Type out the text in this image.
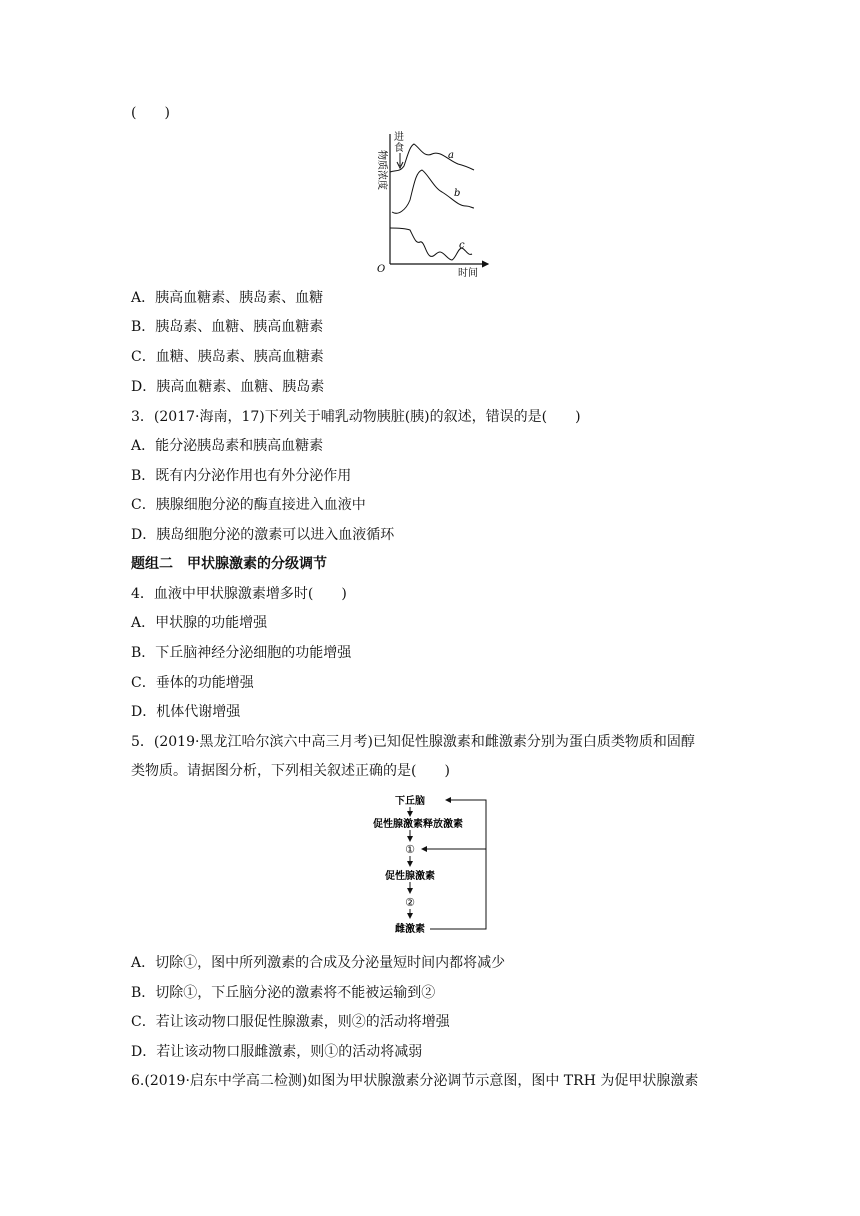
(　　)
物质浓度
O	时间
进
食
a
b
c
A．胰高血糖素、胰岛素、血糖
B．胰岛素、血糖、胰高血糖素
C．血糖、胰岛素、胰高血糖素
D．胰高血糖素、血糖、胰岛素
3．(2017·海南，17)下列关于哺乳动物胰脏(胰)的叙述，错误的是(　　)
A．能分泌胰岛素和胰高血糖素
B．既有内分泌作用也有外分泌作用
C．胰腺细胞分泌的酶直接进入血液中
D．胰岛细胞分泌的激素可以进入血液循环
题组二　甲状腺激素的分级调节
4．血液中甲状腺激素增多时(　　)
A．甲状腺的功能增强
B．下丘脑神经分泌细胞的功能增强
C．垂体的功能增强
D．机体代谢增强
5．(2019·黑龙江哈尔滨六中高三月考)已知促性腺激素和雌激素分别为蛋白质类物质和固醇
类物质。请据图分析，下列相关叙述正确的是(　　)
下丘脑
促性腺激素释放激素
①
促性腺激素
②
雌激素
A．切除①，图中所列激素的合成及分泌量短时间内都将减少
B．切除①，下丘脑分泌的激素将不能被运输到②
C．若让该动物口服促性腺激素，则②的活动将增强
D．若让该动物口服雌激素，则①的活动将减弱
6.(2019·启东中学高二检测)如图为甲状腺激素分泌调节示意图，图中 TRH 为促甲状腺激素
